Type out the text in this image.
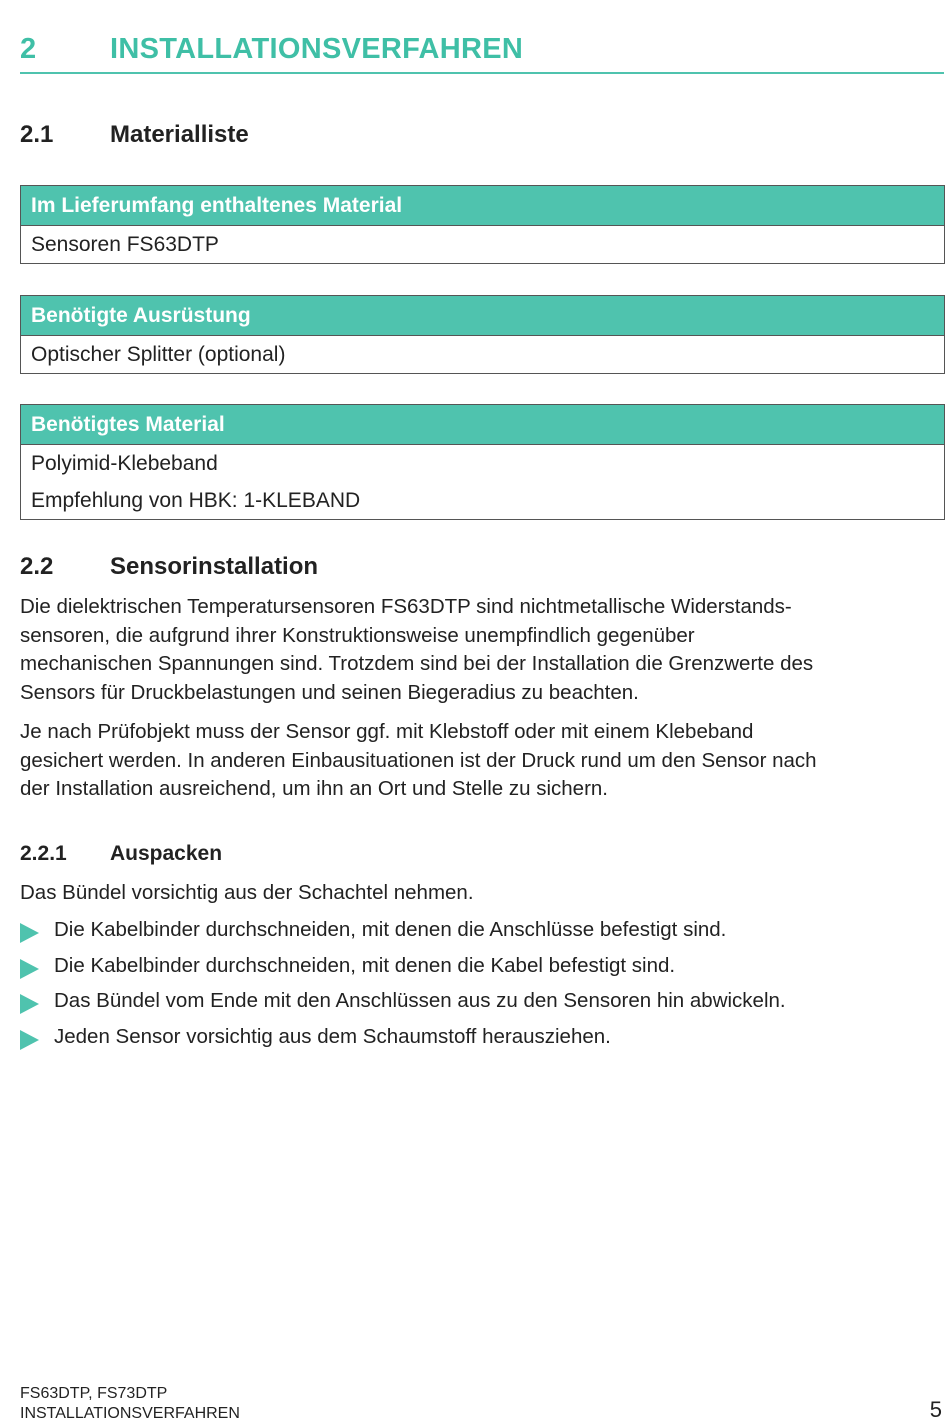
2	INSTALLATIONSVERFAHREN
2.1 Materialliste
Im Lieferumfang enthaltenes Material
Sensoren FS63DTP
Benötigte Ausrüstung
Optischer Splitter (optional)
Benötigtes Material
Polyimid-Klebeband
Empfehlung von HBK: 1-KLEBAND
2.2 Sensorinstallation
Die dielektrischen Temperatursensoren FS63DTP sind nichtmetallische Widerstands-
sensoren, die aufgrund ihrer Konstruktionsweise unempfindlich gegenüber
mechanischen Spannungen sind. Trotzdem sind bei der Installation die Grenzwerte des
Sensors für Druckbelastungen und seinen Biegeradius zu beachten.
Je nach Prüfobjekt muss der Sensor ggf. mit Klebstoff oder mit einem Klebeband
gesichert werden. In anderen Einbausituationen ist der Druck rund um den Sensor nach
der Installation ausreichend, um ihn an Ort und Stelle zu sichern.
2.2.1 Auspacken
Das Bündel vorsichtig aus der Schachtel nehmen.
Die Kabelbinder durchschneiden, mit denen die Anschlüsse befestigt sind.
Die Kabelbinder durchschneiden, mit denen die Kabel befestigt sind.
Das Bündel vom Ende mit den Anschlüssen aus zu den Sensoren hin abwickeln.
Jeden Sensor vorsichtig aus dem Schaumstoff herausziehen.
FS63DTP, FS73DTP
INSTALLATIONSVERFAHREN	5
